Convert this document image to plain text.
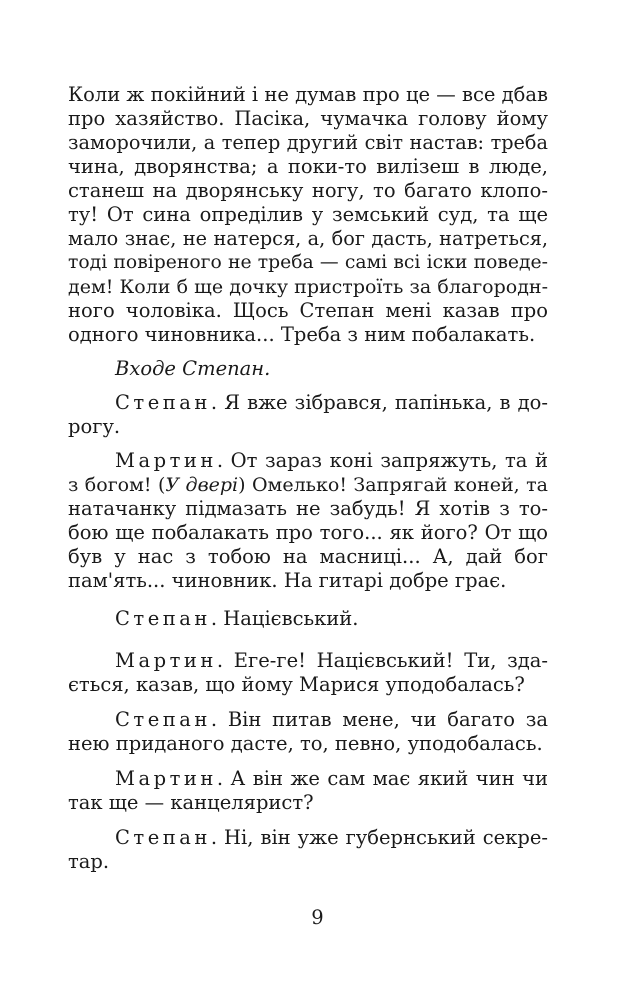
Коли ж покійний і не думав про це — все дбав

про хазяйство. Пасіка, чумачка голову йому

заморочили, а тепер другий світ настав: треба

чина, дворянства; а поки-то вилізеш в люде,

станеш на дворянську ногу, то багато клопо-

ту! От сина опреділив у земський суд, та ще

мало знає, не натерся, а, бог дасть, натреться,

тоді повіреного не треба — самі всі іски поведе-

дем! Коли б ще дочку пристроїть за благородн-

ного чоловіка. Щось Степан мені казав про

одного чиновника... Треба з ним побалакать.

Входе Степан.

Степан. Я вже зібрався, папінька, в до-

рогу.

Мартин. От зараз коні запряжуть, та й

з богом! (У двері) Омелько! Запрягай коней, та

натачанку підмазать не забудь! Я хотів з то-

бою ще побалакать про того... як його? От що

був у нас з тобою на масниці... А, дай бог

пам'ять... чиновник. На гитарі добре грає.

Степан. Націєвський.

Мартин. Еге-ге! Націєвський! Ти, зда-

ється, казав, що йому Марися уподобалась?

Степан. Він питав мене, чи багато за

нею приданого дасте, то, певно, уподобалась.

Мартин. А він же сам має який чин чи

так ще — канцелярист?

Степан. Ні, він уже губернський секре-

тар.

9
